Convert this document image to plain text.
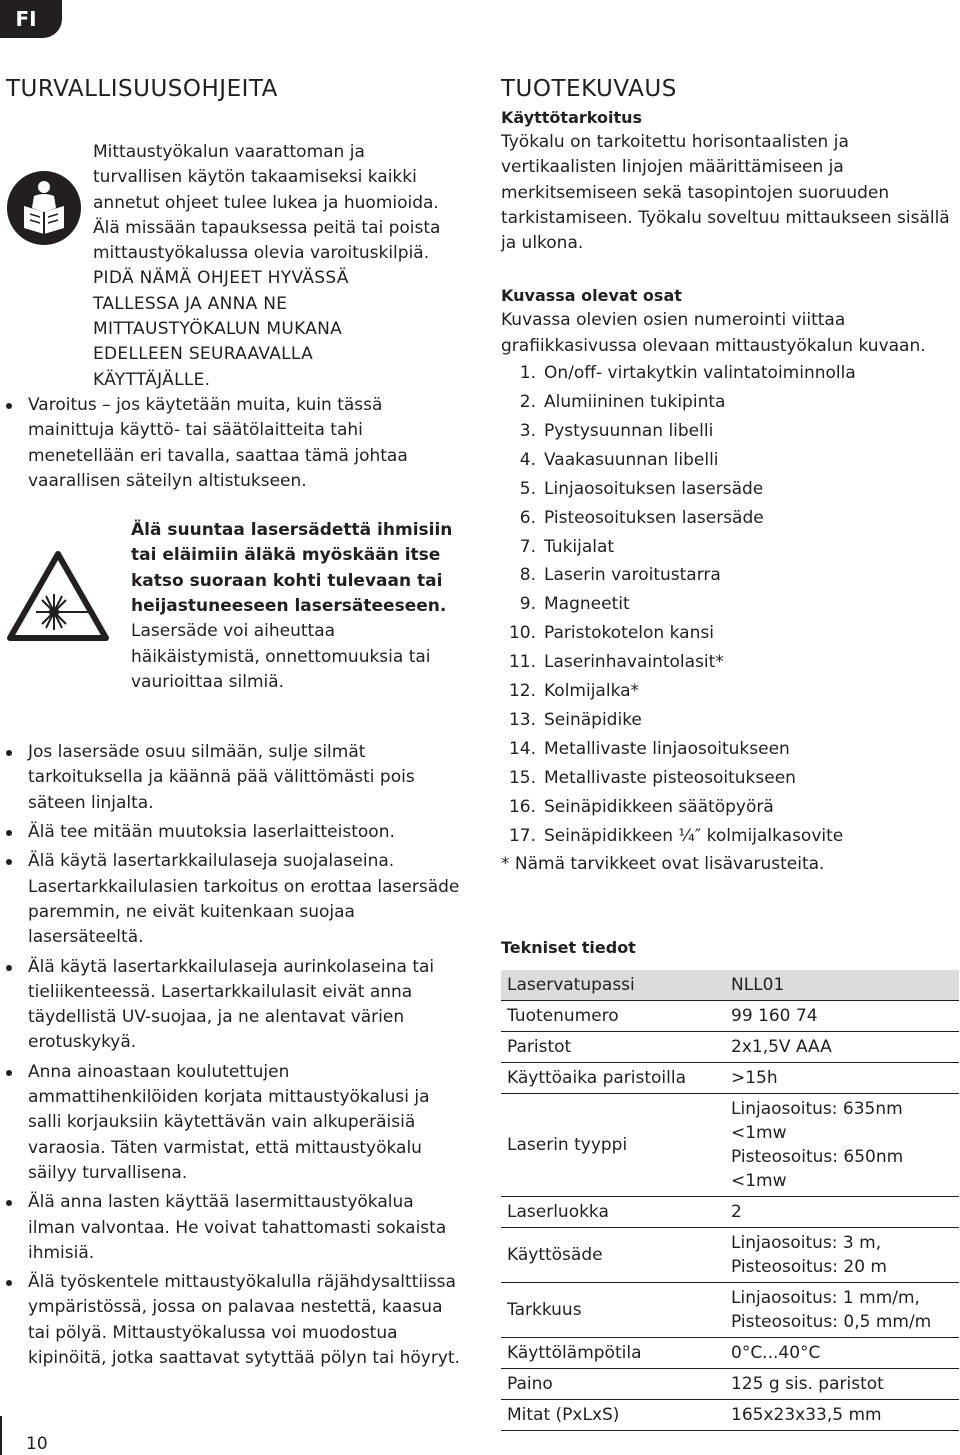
FI
TURVALLISUUSOHJEITA
Mittaustyökalun vaarattoman ja
turvallisen käytön takaamiseksi kaikki
annetut ohjeet tulee lukea ja huomioida.
Älä missään tapauksessa peitä tai poista
mittaustyökalussa olevia varoituskilpiä.
PIDÄ NÄMÄ OHJEET HYVÄSSÄ
TALLESSA JA ANNA NE
MITTAUSTYÖKALUN MUKANA
EDELLEEN SEURAAVALLA
KÄYTTÄJÄLLE.
Varoitus – jos käytetään muita, kuin tässä mainittuja käyttö- tai säätölaitteita tahi menetellään eri tavalla, saattaa tämä johtaa vaarallisen säteilyn altistukseen.
Älä suuntaa lasersädettä ihmisiin tai eläimiin äläkä myöskään itse katso suoraan kohti tulevaan tai heijastuneeseen lasersäteeseen. Lasersäde voi aiheuttaa häikäistymistä, onnettomuuksia tai vaurioittaa silmiä.
Jos lasersäde osuu silmään, sulje silmät tarkoituksella ja käännä pää välittömästi pois säteen linjalta.
Älä tee mitään muutoksia laserlaitteistoon.
Älä käytä lasertarkkailulaseja suojalaseina. Lasertarkkailulasien tarkoitus on erottaa lasersäde paremmin, ne eivät kuitenkaan suojaa lasersäteeltä.
Älä käytä lasertarkkailulaseja aurinkolaseina tai tieliikenteessä. Lasertarkkailulasit eivät anna täydellistä UV-suojaa, ja ne alentavat värien erotuskykyä.
Anna ainoastaan koulutettujen ammattihenkilöiden korjata mittaustyökalusi ja salli korjauksiin käytettävän vain alkuperäisiä varaosia. Täten varmistat, että mittaustyökalu säilyy turvallisena.
Älä anna lasten käyttää lasermittaustyökalua ilman valvontaa. He voivat tahattomasti sokaista ihmisiä.
Älä työskentele mittaustyökalulla räjähdysalttiissa ympäristössä, jossa on palavaa nestettä, kaasua tai pölyä. Mittaustyökalussa voi muodostua kipinöitä, jotka saattavat sytyttää pölyn tai höyryt.
TUOTEKUVAUS
Käyttötarkoitus
Työkalu on tarkoitettu horisontaalisten ja vertikaalisten linjojen määrittämiseen ja merkitsemiseen sekä tasopintojen suoruuden tarkistamiseen. Työkalu soveltuu mittaukseen sisällä ja ulkona.
Kuvassa olevat osat
Kuvassa olevien osien numerointi viittaa grafiikkasivussa olevaan mittaustyökalun kuvaan.
1. On/off- virtakytkin valintatoiminnolla
2. Alumiininen tukipinta
3. Pystysuunnan libelli
4. Vaakasuunnan libelli
5. Linjaosoituksen lasersäde
6. Pisteosoituksen lasersäde
7. Tukijalat
8. Laserin varoitustarra
9. Magneetit
10. Paristokotelon kansi
11. Laserinhavaintolasit*
12. Kolmijalka*
13. Seinäpidike
14. Metallivaste linjaosoitukseen
15. Metallivaste pisteosoitukseen
16. Seinäpidikkeen säätöpyörä
17. Seinäpidikkeen ¼″ kolmijalkasovite
* Nämä tarvikkeet ovat lisävarusteita.
Tekniset tiedot
Laservatupassi	NLL01

Tuotenumero	99 160 74

Paristot	2x1,5V AAA

Käyttöaika paristoilla	>15h

Laserin tyyppi	Linjaosoitus: 635nm
<1mw
Pisteosoitus: 650nm
<1mw

Laserluokka	2

Käyttösäde	Linjaosoitus: 3 m,
Pisteosoitus: 20 m

Tarkkuus	Linjaosoitus: 1 mm/m,
Pisteosoitus: 0,5 mm/m

Käyttölämpötila	0°C...40°C

Paino	125 g sis. paristot

Mitat (PxLxS)	165x23x33,5 mm
10
